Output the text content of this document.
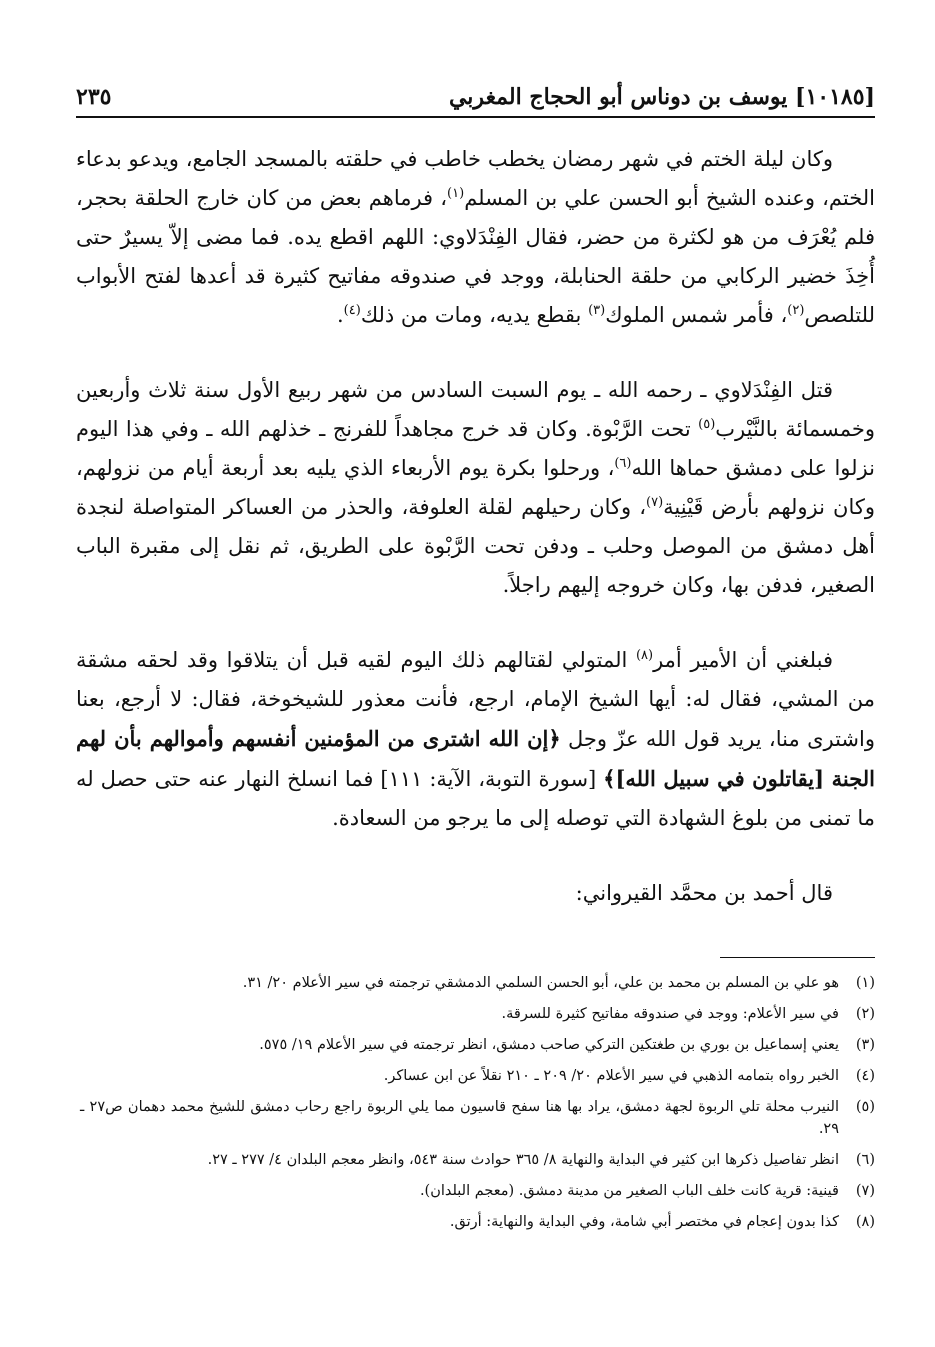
[١٠١٨٥] يوسف بن دوناس أبو الحجاج المغربي
٢٣٥

وكان ليلة الختم في شهر رمضان يخطب خاطب في حلقته بالمسجد الجامع، ويدعو بدعاء الختم، وعنده الشيخ أبو الحسن علي بن المسلم$^{(١)}$، فرماهم بعض من كان خارج الحلقة بحجر، فلم يُعْرَف من هو لكثرة من حضر، فقال الفِنْدَلاوي: اللهم اقطع يده. فما مضى إلاّ يسيرٌ حتى أُخِذَ خضير الركابي من حلقة الحنابلة، ووجد في صندوقه مفاتيح كثيرة قد أعدها لفتح الأبواب للتلصص$^{(٢)}$، فأمر شمس الملوك$^{(٣)}$ بقطع يديه، ومات من ذلك$^{(٤)}$.

قتل الفِنْدَلاوي ـ رحمه الله ـ يوم السبت السادس من شهر ربيع الأول سنة ثلاث وأربعين وخمسمائة بالنَّيْرب$^{(٥)}$ تحت الرَّبْوة. وكان قد خرج مجاهداً للفرنج ـ خذلهم الله ـ وفي هذا اليوم نزلوا على دمشق حماها الله$^{(٦)}$، ورحلوا بكرة يوم الأربعاء الذي يليه بعد أربعة أيام من نزولهم، وكان نزولهم بأرض قَيْنِية$^{(٧)}$، وكان رحيلهم لقلة العلوفة، والحذر من العساكر المتواصلة لنجدة أهل دمشق من الموصل وحلب ـ ودفن تحت الرَّبْوة على الطريق، ثم نقل إلى مقبرة الباب الصغير، فدفن بها، وكان خروجه إليهم راجلاً.

فبلغني أن الأمير أمر$^{(٨)}$ المتولي لقتالهم ذلك اليوم لقيه قبل أن يتلاقوا وقد لحقه مشقة من المشي، فقال له: أيها الشيخ الإمام، ارجع، فأنت معذور للشيخوخة، فقال: لا أرجع، بعنا واشترى منا، يريد قول الله عزّ وجل ﴿إن الله اشترى من المؤمنين أنفسهم وأموالهم بأن لهم الجنة [يقاتلون في سبيل الله]﴾ [سورة التوبة، الآية: ١١١] فما انسلخ النهار عنه حتى حصل له ما تمنى من بلوغ الشهادة التي توصله إلى ما يرجو من السعادة.

قال أحمد بن محمَّد القيرواني:

(١)
هو علي بن المسلم بن محمد بن علي، أبو الحسن السلمي الدمشقي ترجمته في سير الأعلام ٢٠/ ٣١.
(٢)
في سير الأعلام: ووجد في صندوقه مفاتيح كثيرة للسرقة.
(٣)
يعني إسماعيل بن بوري بن طغتكين التركي صاحب دمشق، انظر ترجمته في سير الأعلام ١٩/ ٥٧٥.
(٤)
الخبر رواه بتمامه الذهبي في سير الأعلام ٢٠/ ٢٠٩ ـ ٢١٠ نقلاً عن ابن عساكر.
(٥)
النيرب محلة تلي الربوة لجهة دمشق، يراد بها هنا سفح قاسيون مما يلي الربوة راجع رحاب دمشق للشيخ محمد دهمان ص٢٧ ـ ٢٩.
(٦)
انظر تفاصيل ذكرها ابن كثير في البداية والنهاية ٨/ ٣٦٥ حوادث سنة ٥٤٣، وانظر معجم البلدان ٤/ ٢٧٧ ـ ٢٧.
(٧)
قينية: قرية كانت خلف الباب الصغير من مدينة دمشق. (معجم البلدان).
(٨)
كذا بدون إعجام في مختصر أبي شامة، وفي البداية والنهاية: أرتق.
